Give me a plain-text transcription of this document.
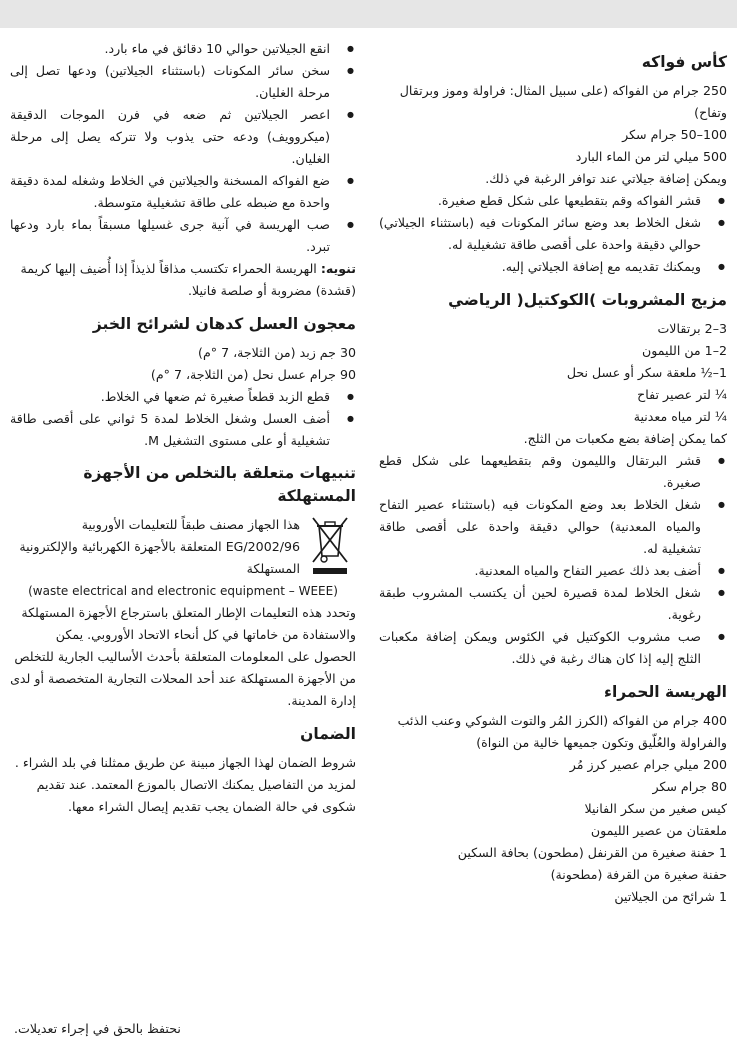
كأس فواكه

250 جرام من الفواكه (على سبيل المثال: فراولة وموز وبرتقال وتفاح)

100–50 جرام سكر

500 ميلي لتر من الماء البارد

ويمكن إضافة جيلاتي عند توافر الرغبة في ذلك.

● قشر الفواكه وقم بتقطيعها على شكل قطع صغيرة.
● شغل الخلاط بعد وضع سائر المكونات فيه (باستثناء الجيلاتي) حوالي دقيقة واحدة على أقصى طاقة تشغيلية له.
● ويمكنك تقديمه مع إضافة الجيلاتي إليه.
مزيج المشروبات )الكوكتيل( الرياضي

3–2 برتقالات

2–1 من الليمون

1–½ ملعقة سكر أو عسل نحل

¼ لتر عصير تفاح

¼ لتر مياه معدنية

كما يمكن إضافة بضع مكعبات من الثلج.

● قشر البرتقال والليمون وقم بتقطيعهما على شكل قطع صغيرة.
● شغل الخلاط بعد وضع المكونات فيه (باستثناء عصير التفاح والمياه المعدنية) حوالي دقيقة واحدة على أقصى طاقة تشغيلية له.
● أضف بعد ذلك عصير التفاح والمياه المعدنية.
● شغل الخلاط لمدة قصيرة لحين أن يكتسب المشروب طبقة رغوية.
● صب مشروب الكوكتيل في الكئوس ويمكن إضافة مكعبات الثلج إليه إذا كان هناك رغبة في ذلك.
الهريسة الحمراء

400 جرام من الفواكه (الكرز المُر والتوت الشوكي وعنب الذئب والفراولة والعُلّيق وتكون جميعها خالية من النواة)

200 ميلي جرام عصير كرز مُر

80 جرام سكر

كيس صغير من سكر الفانيلا

ملعقتان من عصير الليمون

1 حفنة صغيرة من القرنفل (مطحون) بحافة السكين

حفنة صغيرة من القرفة (مطحونة)

1 شرائح من الجيلاتين

● انقع الجيلاتين حوالي 10 دقائق في ماء بارد.
● سخن سائر المكونات (باستثناء الجيلاتين) ودعها تصل إلى مرحلة الغليان.
● اعصر الجيلاتين ثم ضعه في فرن الموجات الدقيقة (ميكروويف) ودعه حتى يذوب ولا تتركه يصل إلى مرحلة الغليان.
● ضع الفواكه المسخنة والجيلاتين في الخلاط وشغله لمدة دقيقة واحدة مع ضبطه على طاقة تشغيلية متوسطة.
● صب الهريسة في آنية جرى غسيلها مسبقاً بماء بارد ودعها تبرد.

تنويه: الهريسة الحمراء تكتسب مذاقاً لذيذاً إذا أُضيف إليها كريمة (قشدة) مضروبة أو صلصة فانيلا.

معجون العسل كدهان لشرائح الخبز

30 جم زبد (من الثلاجة، 7 °م)

90 جرام عسل نحل (من الثلاجة، 7 °م)

● قطع الزبد قطعاً صغيرة ثم ضعها في الخلاط.
● أضف العسل وشغل الخلاط لمدة 5 ثواني على أقصى طاقة تشغيلية أو على مستوى التشغيل M.
تنبيهات متعلقة بالتخلص من الأجهزة المستهلكة
هذا الجهاز مصنف طبقاً للتعليمات الأوروبية 2002/96/EG المتعلقة بالأجهزة الكهربائية والإلكترونية المستهلكة
(waste electrical and electronic equipment – WEEE)

وتحدد هذه التعليمات الإطار المتعلق باسترجاع الأجهزة المستهلكة والاستفادة من خاماتها في كل أنحاء الاتحاد الأوروبي. يمكن الحصول على المعلومات المتعلقة بأحدث الأساليب الجارية للتخلص من الأجهزة المستهلكة عند أحد المحلات التجارية المتخصصة أو لدى إدارة المدينة.

الضمان

شروط الضمان لهذا الجهاز مبينة عن طريق ممثلنا في بلد الشراء . لمزيد من التفاصيل يمكنك الاتصال بالموزع المعتمد. عند تقديم شكوى في حالة الضمان يجب تقديم إيصال الشراء معها.

نحتفظ بالحق في إجراء تعديلات.
